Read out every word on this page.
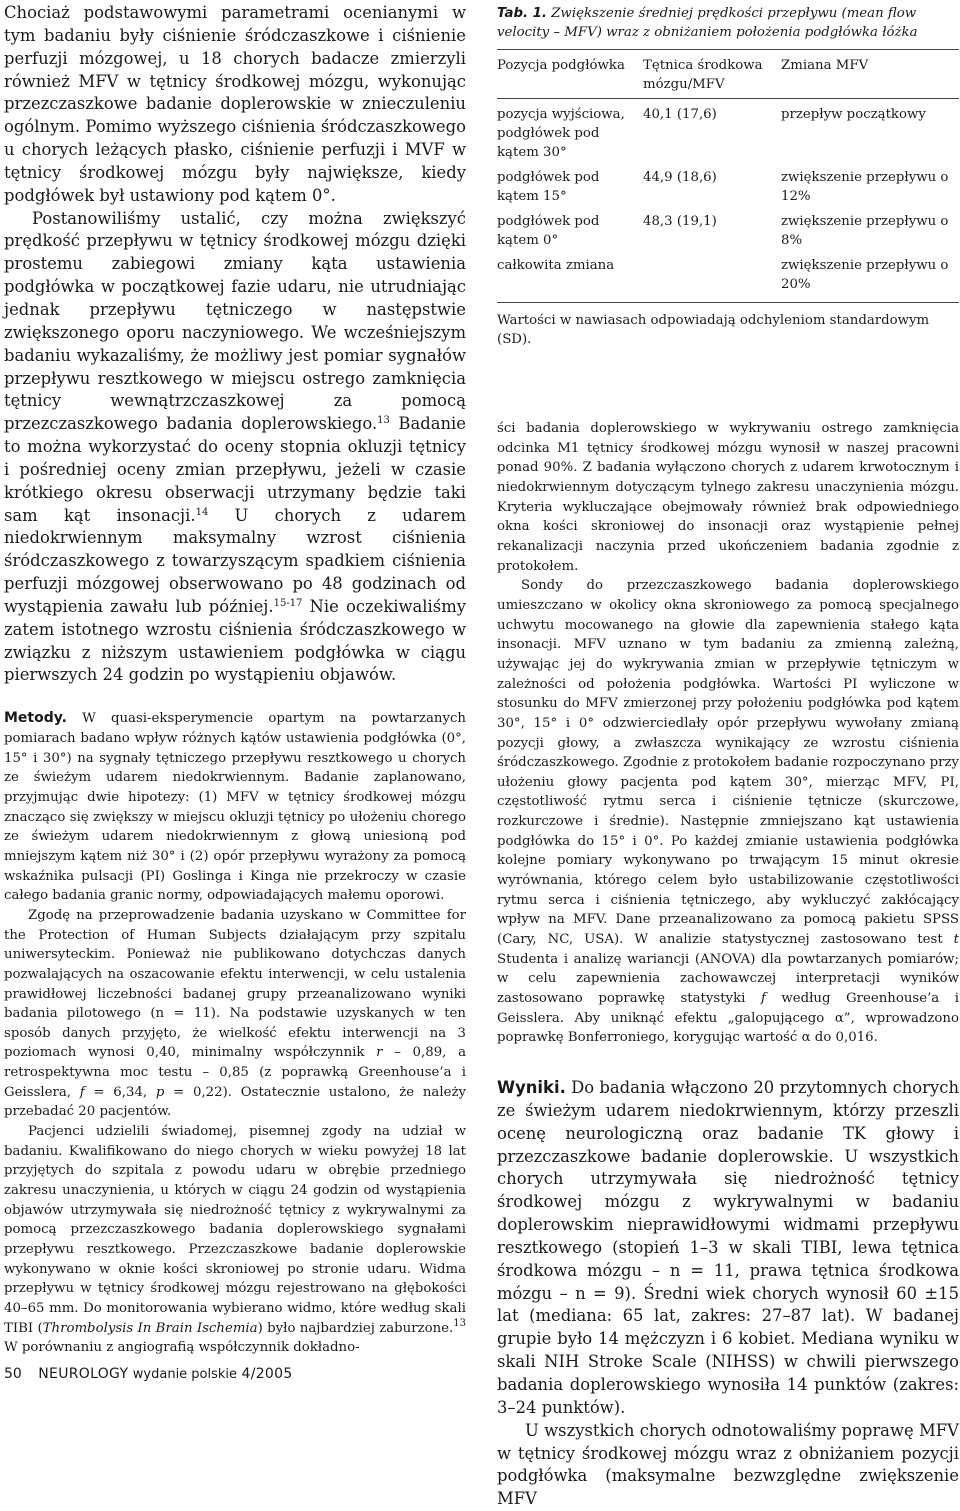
Chociaż podstawowymi parametrami ocenianymi w tym badaniu były ciśnienie śródczaszkowe i ciśnienie perfuzji mózgowej, u 18 chorych badacze zmierzyli również MFV w tętnicy środkowej mózgu, wykonując przezczaszkowe badanie doplerowskie w znieczuleniu ogólnym. Pomimo wyższego ciśnienia śródczaszkowego u chorych leżących płasko, ciśnienie perfuzji i MVF w tętnicy środkowej mózgu były największe, kiedy podgłówek był ustawiony pod kątem 0°.

Postanowiliśmy ustalić, czy można zwiększyć prędkość przepływu w tętnicy środkowej mózgu dzięki prostemu zabiegowi zmiany kąta ustawienia podgłówka w początkowej fazie udaru, nie utrudniając jednak przepływu tętniczego w następstwie zwiększonego oporu naczyniowego. We wcześniejszym badaniu wykazaliśmy, że możliwy jest pomiar sygnałów przepływu resztkowego w miejscu ostrego zamknięcia tętnicy wewnątrzczaszkowej za pomocą przezczaszkowego badania doplerowskiego.$^{13}$ Badanie to można wykorzystać do oceny stopnia okluzji tętnicy i pośredniej oceny zmian przepływu, jeżeli w czasie krótkiego okresu obserwacji utrzymany będzie taki sam kąt insonacji.$^{14}$ U chorych z udarem niedokrwiennym maksymalny wzrost ciśnienia śródczaszkowego z towarzyszącym spadkiem ciśnienia perfuzji mózgowej obserwowano po 48 godzinach od wystąpienia zawału lub później.$^{15-17}$ Nie oczekiwaliśmy zatem istotnego wzrostu ciśnienia śródczaszkowego w związku z niższym ustawieniem podgłówka w ciągu pierwszych 24 godzin po wystąpieniu objawów.

Metody. W quasi-eksperymencie opartym na powtarzanych pomiarach badano wpływ różnych kątów ustawienia podgłówka (0°, 15° i 30°) na sygnały tętniczego przepływu resztkowego u chorych ze świeżym udarem niedokrwiennym. Badanie zaplanowano, przyjmując dwie hipotezy: (1) MFV w tętnicy środkowej mózgu znacząco się zwiększy w miejscu okluzji tętnicy po ułożeniu chorego ze świeżym udarem niedokrwiennym z głową uniesioną pod mniejszym kątem niż 30° i (2) opór przepływu wyrażony za pomocą wskaźnika pulsacji (PI) Goslinga i Kinga nie przekroczy w czasie całego badania granic normy, odpowiadających małemu oporowi.

Zgodę na przeprowadzenie badania uzyskano w Committee for the Protection of Human Subjects działającym przy szpitalu uniwersyteckim. Ponieważ nie publikowano dotychczas danych pozwalających na oszacowanie efektu interwencji, w celu ustalenia prawidłowej liczebności badanej grupy przeanalizowano wyniki badania pilotowego (n = 11). Na podstawie uzyskanych w ten sposób danych przyjęto, że wielkość efektu interwencji na 3 poziomach wynosi 0,40, minimalny współczynnik r – 0,89, a retrospektywna moc testu – 0,85 (z poprawką Greenhouse’a i Geisslera, f = 6,34, p = 0,22). Ostatecznie ustalono, że należy przebadać 20 pacjentów.

Pacjenci udzielili świadomej, pisemnej zgody na udział w badaniu. Kwalifikowano do niego chorych w wieku powyżej 18 lat przyjętych do szpitala z powodu udaru w obrębie przedniego zakresu unaczynienia, u których w ciągu 24 godzin od wystąpienia objawów utrzymywała się niedrożność tętnicy z wykrywalnymi za pomocą przezczaszkowego badania doplerowskiego sygnałami przepływu resztkowego. Przezczaszkowe badanie doplerowskie wykonywano w oknie kości skroniowej po stronie udaru. Widma przepływu w tętnicy środkowej mózgu rejestrowano na głębokości 40–65 mm. Do monitorowania wybierano widmo, które według skali TIBI (Thrombolysis In Brain Ischemia) było najbardziej zaburzone.$^{13}$ W porównaniu z angiografią współczynnik dokładno-

Tab. 1. Zwiększenie średniej prędkości przepływu (mean flow velocity – MFV) wraz z obniżaniem położenia podgłówka łóżka

Pozycja podgłówka	Tętnica środkowa mózgu/MFV	Zmiana MFV
pozycja wyjściowa, podgłówek pod kątem 30°	40,1 (17,6)	przepływ początkowy
podgłówek pod kątem 15°	44,9 (18,6)	zwiększenie przepływu o 12%
podgłówek pod kątem 0°	48,3 (19,1)	zwiększenie przepływu o 8%
całkowita zmiana		zwiększenie przepływu o 20%

Wartości w nawiasach odpowiadają odchyleniom standardowym (SD).

ści badania doplerowskiego w wykrywaniu ostrego zamknięcia odcinka M1 tętnicy środkowej mózgu wynosił w naszej pracowni ponad 90%. Z badania wyłączono chorych z udarem krwotocznym i niedokrwiennym dotyczącym tylnego zakresu unaczynienia mózgu. Kryteria wykluczające obejmowały również brak odpowiedniego okna kości skroniowej do insonacji oraz wystąpienie pełnej rekanalizacji naczynia przed ukończeniem badania zgodnie z protokołem.

Sondy do przezczaszkowego badania doplerowskiego umieszczano w okolicy okna skroniowego za pomocą specjalnego uchwytu mocowanego na głowie dla zapewnienia stałego kąta insonacji. MFV uznano w tym badaniu za zmienną zależną, używając jej do wykrywania zmian w przepływie tętniczym w zależności od położenia podgłówka. Wartości PI wyliczone w stosunku do MFV zmierzonej przy położeniu podgłówka pod kątem 30°, 15° i 0° odzwierciedlały opór przepływu wywołany zmianą pozycji głowy, a zwłaszcza wynikający ze wzrostu ciśnienia śródczaszkowego. Zgodnie z protokołem badanie rozpoczynano przy ułożeniu głowy pacjenta pod kątem 30°, mierząc MFV, PI, częstotliwość rytmu serca i ciśnienie tętnicze (skurczowe, rozkurczowe i średnie). Następnie zmniejszano kąt ustawienia podgłówka do 15° i 0°. Po każdej zmianie ustawienia podgłówka kolejne pomiary wykonywano po trwającym 15 minut okresie wyrównania, którego celem było ustabilizowanie częstotliwości rytmu serca i ciśnienia tętniczego, aby wykluczyć zakłócający wpływ na MFV. Dane przeanalizowano za pomocą pakietu SPSS (Cary, NC, USA). W analizie statystycznej zastosowano test t Studenta i analizę wariancji (ANOVA) dla powtarzanych pomiarów; w celu zapewnienia zachowawczej interpretacji wyników zastosowano poprawkę statystyki f według Greenhouse’a i Geisslera. Aby uniknąć efektu „galopującego α”, wprowadzono poprawkę Bonferroniego, korygując wartość α do 0,016.

Wyniki. Do badania włączono 20 przytomnych chorych ze świeżym udarem niedokrwiennym, którzy przeszli ocenę neurologiczną oraz badanie TK głowy i przezczaszkowe badanie doplerowskie. U wszystkich chorych utrzymywała się niedrożność tętnicy środkowej mózgu z wykrywalnymi w badaniu doplerowskim nieprawidłowymi widmami przepływu resztkowego (stopień 1–3 w skali TIBI, lewa tętnica środkowa mózgu – n = 11, prawa tętnica środkowa mózgu – n = 9). Średni wiek chorych wynosił 60 ±15 lat (mediana: 65 lat, zakres: 27–87 lat). W badanej grupie było 14 mężczyzn i 6 kobiet. Mediana wyniku w skali NIH Stroke Scale (NIHSS) w chwili pierwszego badania doplerowskiego wynosiła 14 punktów (zakres: 3–24 punktów).

U wszystkich chorych odnotowaliśmy poprawę MFV w tętnicy środkowej mózgu wraz z obniżaniem pozycji podgłówka (maksymalne bezwzględne zwiększenie MFV

50 NEUROLOGY wydanie polskie 4/2005
